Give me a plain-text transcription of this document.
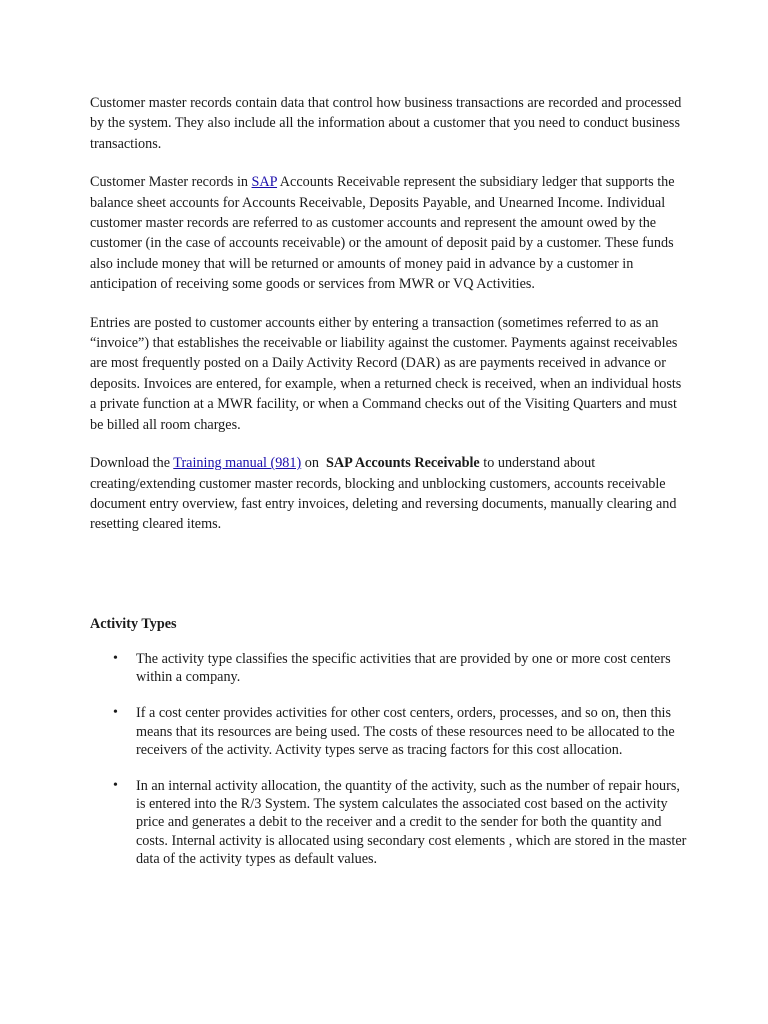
Customer master records contain data that control how business transactions are recorded and processed by the system. They also include all the information about a customer that you need to conduct business transactions.

Customer Master records in SAP Accounts Receivable represent the subsidiary ledger that supports the balance sheet accounts for Accounts Receivable, Deposits Payable, and Unearned Income. Individual customer master records are referred to as customer accounts and represent the amount owed by the customer (in the case of accounts receivable) or the amount of deposit paid by a customer. These funds also include money that will be returned or amounts of money paid in advance by a customer in anticipation of receiving some goods or services from MWR or VQ Activities.

Entries are posted to customer accounts either by entering a transaction (sometimes referred to as an “invoice”) that establishes the receivable or liability against the customer. Payments against receivables are most frequently posted on a Daily Activity Record (DAR) as are payments received in advance or deposits. Invoices are entered, for example, when a returned check is received, when an individual hosts a private function at a MWR facility, or when a Command checks out of the Visiting Quarters and must be billed all room charges.

Download the Training manual (981) on  SAP Accounts Receivable to understand about creating/extending customer master records, blocking and unblocking customers, accounts receivable document entry overview, fast entry invoices, deleting and reversing documents, manually clearing and resetting cleared items.

Activity Types
• The activity type classifies the specific activities that are provided by one or more cost centers within a company.
• If a cost center provides activities for other cost centers, orders, processes, and so on, then this means that its resources are being used. The costs of these resources need to be allocated to the receivers of the activity. Activity types serve as tracing factors for this cost allocation.
• In an internal activity allocation, the quantity of the activity, such as the number of repair hours, is entered into the R/3 System. The system calculates the associated cost based on the activity price and generates a debit to the receiver and a credit to the sender for both the quantity and costs. Internal activity is allocated using secondary cost elements , which are stored in the master data of the activity types as default values.
